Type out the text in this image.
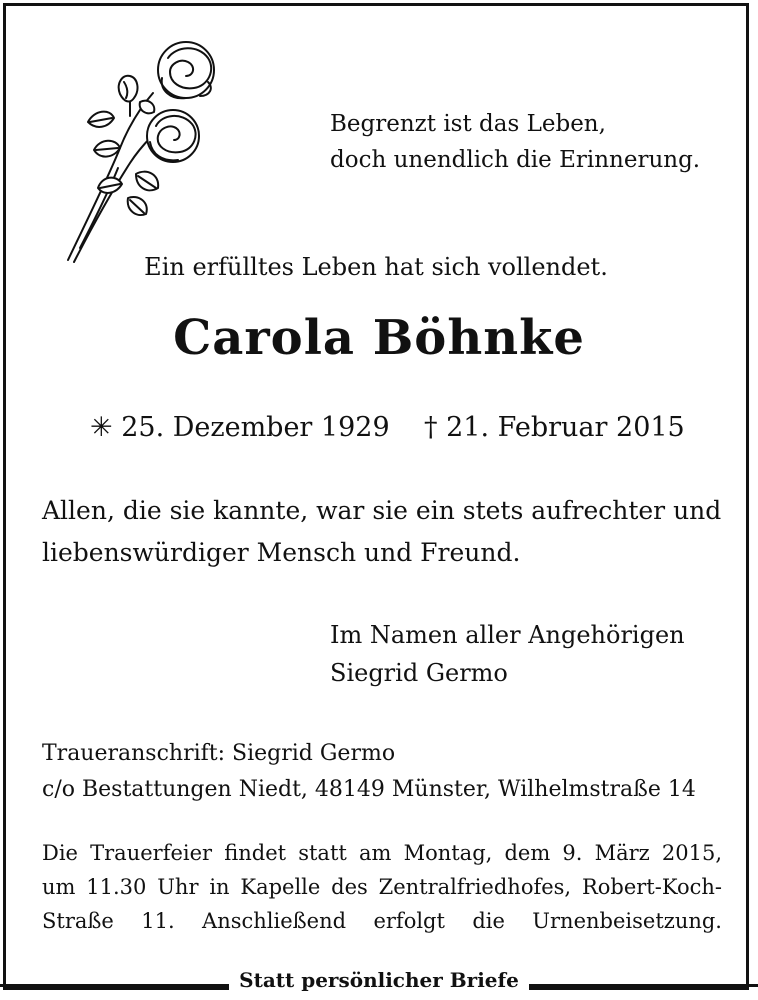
Begrenzt ist das Leben,
doch unendlich die Erinnerung.
Ein erfülltes Leben hat sich vollendet.
Carola Böhnke
✳ 25. Dezember 1929 † 21. Februar 2015
Allen, die sie kannte, war sie ein stets aufrechter und
liebenswürdiger Mensch und Freund.
Im Namen aller Angehörigen
Siegrid Germo
Traueranschrift: Siegrid Germo
c/o Bestattungen Niedt, 48149 Münster, Wilhelmstraße 14
Die Trauerfeier findet statt am Montag, dem 9. März 2015,
um 11.30 Uhr in Kapelle des Zentralfriedhofes, Robert-Koch-
Straße 11. Anschließend erfolgt die Urnenbeisetzung.
Statt persönlicher Briefe
